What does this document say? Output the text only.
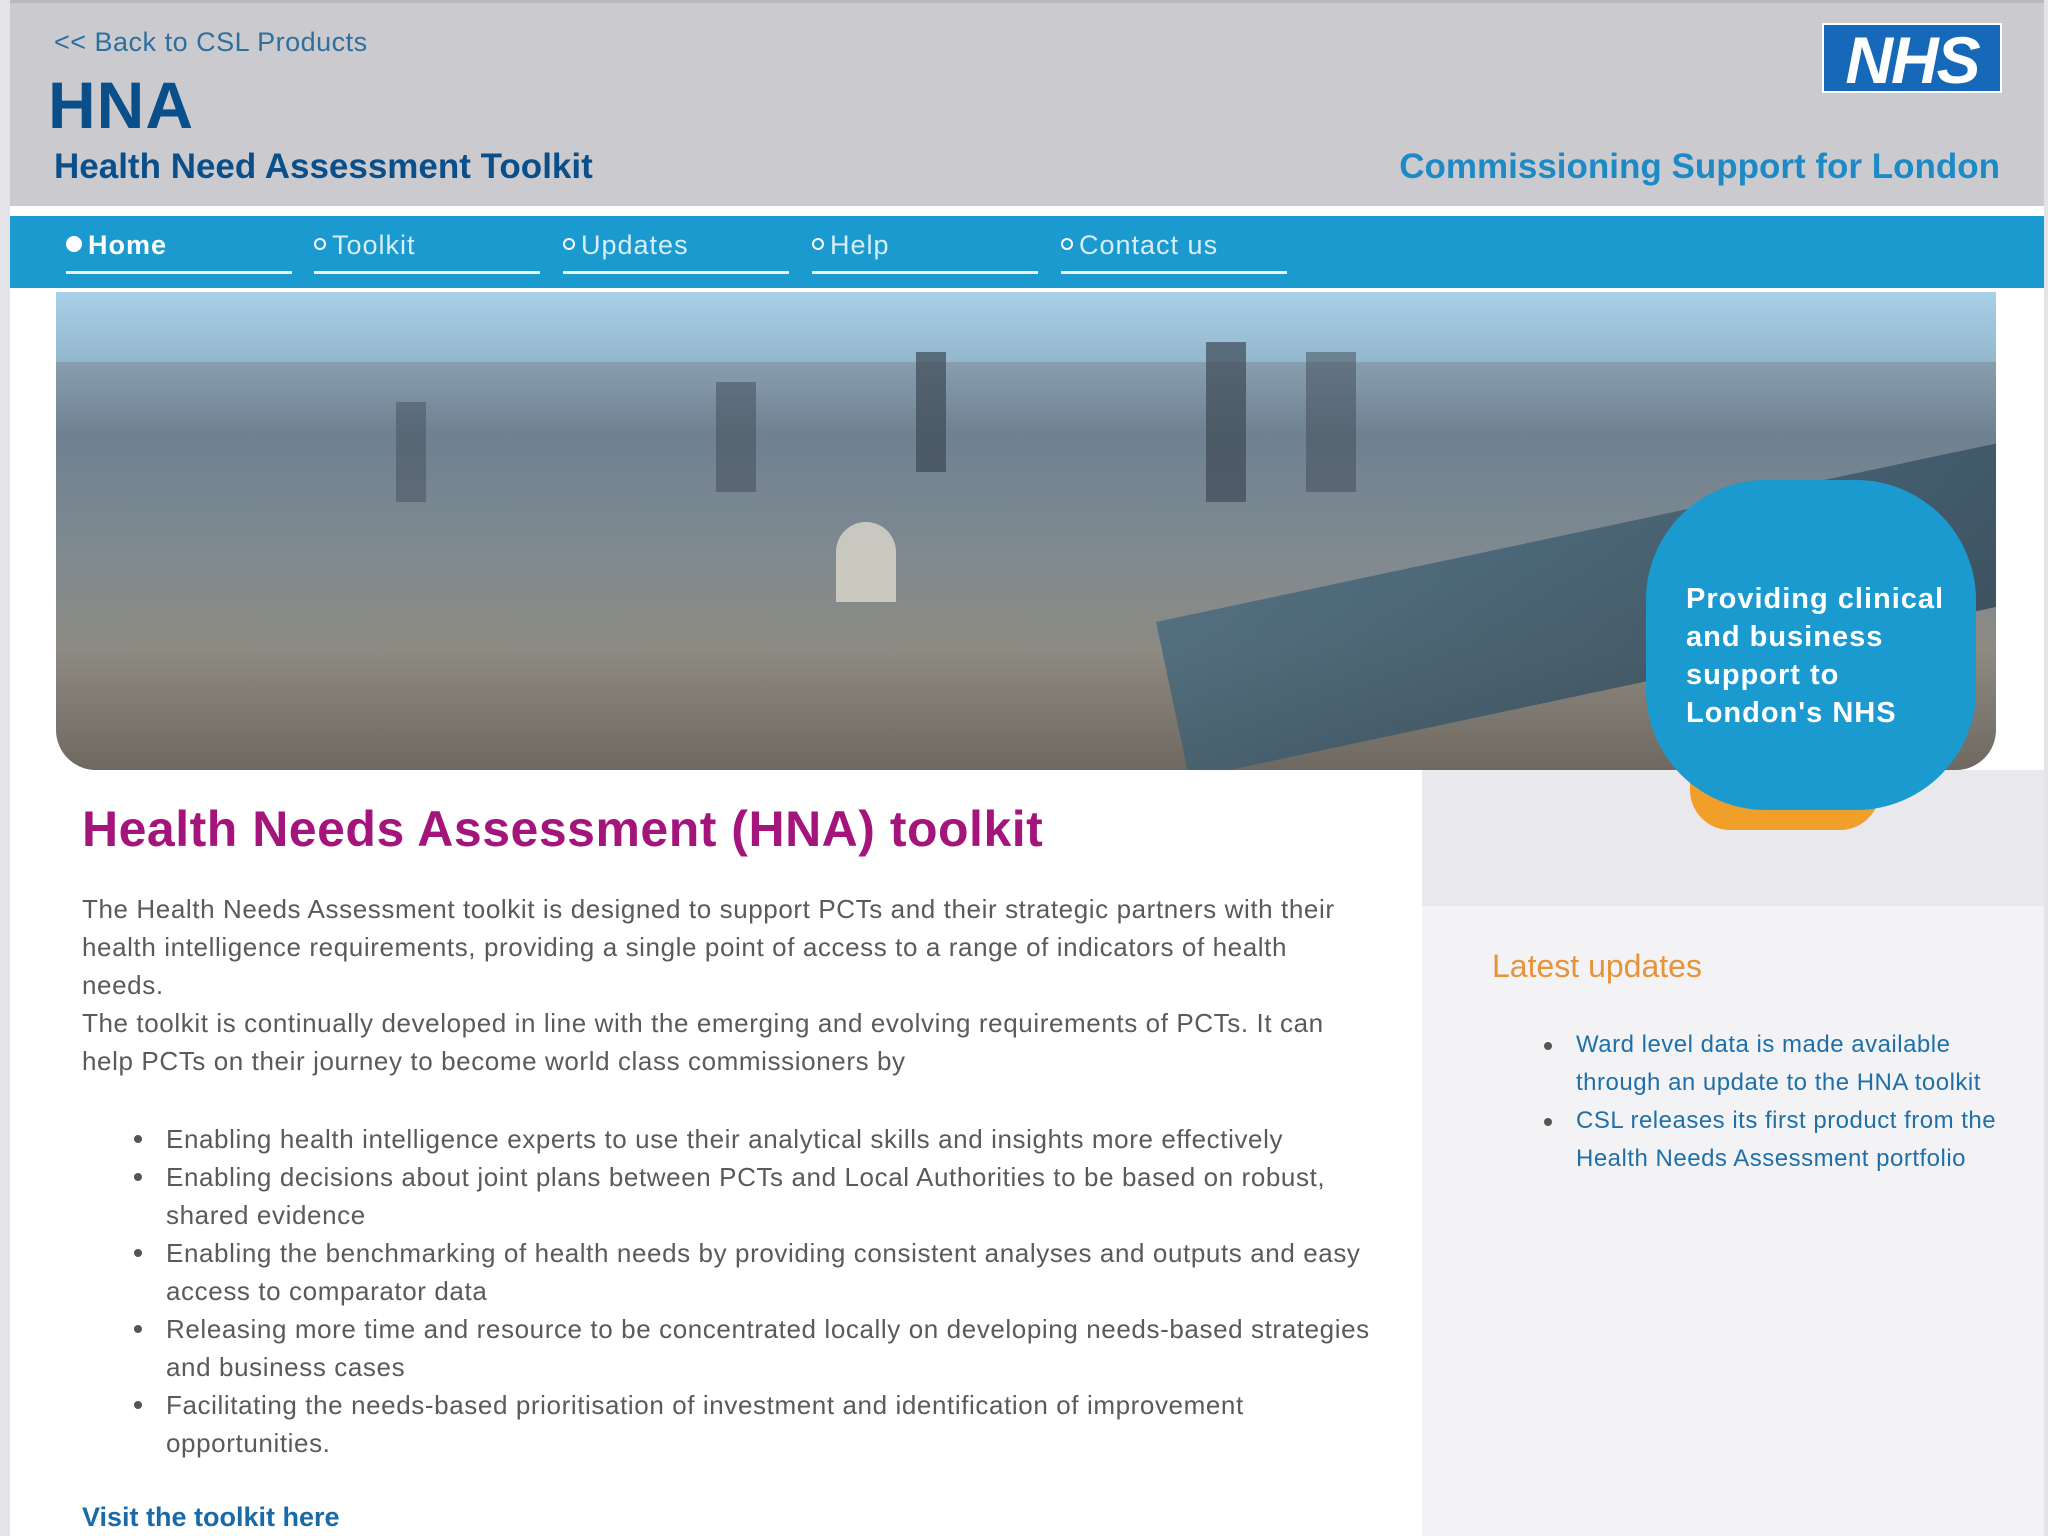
<< Back to CSL Products
HNA
Health Need Assessment Toolkit
NHS
Commissioning Support for London
Home	Toolkit	Updates	Help	Contact us
Providing clinical and business support to London's NHS
Health Needs Assessment (HNA) toolkit

The Health Needs Assessment toolkit is designed to support PCTs and their strategic partners with their health intelligence requirements, providing a single point of access to a range of indicators of health needs.

The toolkit is continually developed in line with the emerging and evolving requirements of PCTs. It can help PCTs on their journey to become world class commissioners by

Enabling health intelligence experts to use their analytical skills and insights more effectively
Enabling decisions about joint plans between PCTs and Local Authorities to be based on robust, shared evidence
Enabling the benchmarking of health needs by providing consistent analyses and outputs and easy access to comparator data
Releasing more time and resource to be concentrated locally on developing needs-based strategies and business cases
Facilitating the needs-based prioritisation of investment and identification of improvement opportunities.
Visit the toolkit here
Latest updates
Ward level data is made available through an update to the HNA toolkit
CSL releases its first product from the Health Needs Assessment portfolio
